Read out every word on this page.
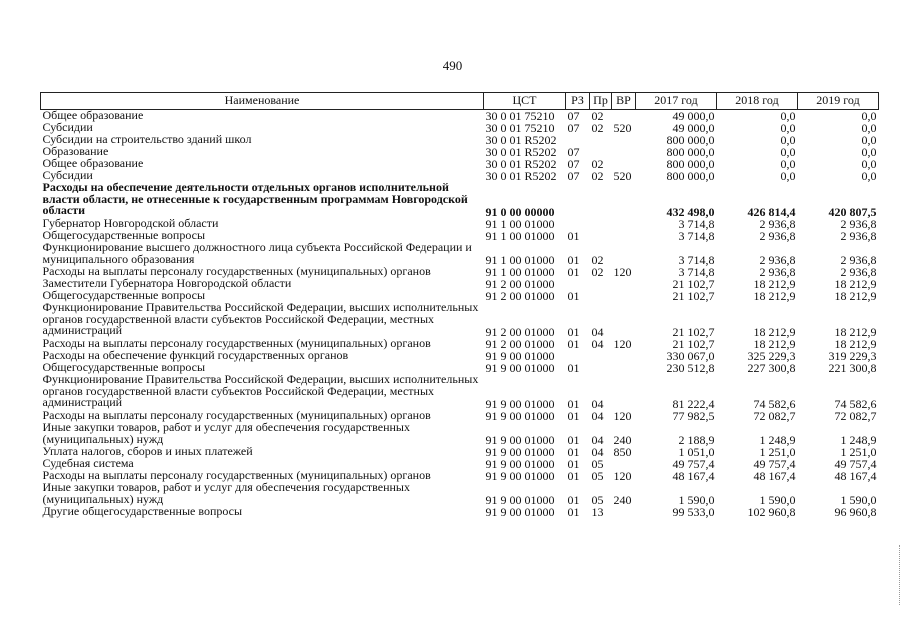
490
Наименование	ЦСТ	РЗ	Пр	ВР	2017 год	2018 год	2019 год
Общее образование	30 0 01 75210	07	02		49 000,0	0,0	0,0
Субсидии	30 0 01 75210	07	02	520	49 000,0	0,0	0,0
Субсидии на строительство зданий школ	30 0 01 R5202				800 000,0	0,0	0,0
Образование	30 0 01 R5202	07			800 000,0	0,0	0,0
Общее образование	30 0 01 R5202	07	02		800 000,0	0,0	0,0
Субсидии	30 0 01 R5202	07	02	520	800 000,0	0,0	0,0
Расходы на обеспечение деятельности отдельных органов исполнительной власти области, не отнесенные к государственным программам Новгородской области	91 0 00 00000				432 498,0	426 814,4	420 807,5
Губернатор Новгородской области	91 1 00 01000				3 714,8	2 936,8	2 936,8
Общегосударственные вопросы	91 1 00 01000	01			3 714,8	2 936,8	2 936,8
Функционирование высшего должностного лица субъекта Российской Федерации и муниципального образования	91 1 00 01000	01	02		3 714,8	2 936,8	2 936,8
Расходы на выплаты персоналу государственных (муниципальных) органов	91 1 00 01000	01	02	120	3 714,8	2 936,8	2 936,8
Заместители Губернатора Новгородской области	91 2 00 01000				21 102,7	18 212,9	18 212,9
Общегосударственные вопросы	91 2 00 01000	01			21 102,7	18 212,9	18 212,9
Функционирование Правительства Российской Федерации, высших исполнительных органов государственной власти субъектов Российской Федерации, местных администраций	91 2 00 01000	01	04		21 102,7	18 212,9	18 212,9
Расходы на выплаты персоналу государственных (муниципальных) органов	91 2 00 01000	01	04	120	21 102,7	18 212,9	18 212,9
Расходы на обеспечение функций государственных органов	91 9 00 01000				330 067,0	325 229,3	319 229,3
Общегосударственные вопросы	91 9 00 01000	01			230 512,8	227 300,8	221 300,8
Функционирование Правительства Российской Федерации, высших исполнительных органов государственной власти субъектов Российской Федерации, местных администраций	91 9 00 01000	01	04		81 222,4	74 582,6	74 582,6
Расходы на выплаты персоналу государственных (муниципальных) органов	91 9 00 01000	01	04	120	77 982,5	72 082,7	72 082,7
Иные закупки товаров, работ и услуг для обеспечения государственных (муниципальных) нужд	91 9 00 01000	01	04	240	2 188,9	1 248,9	1 248,9
Уплата налогов, сборов и иных платежей	91 9 00 01000	01	04	850	1 051,0	1 251,0	1 251,0
Судебная система	91 9 00 01000	01	05		49 757,4	49 757,4	49 757,4
Расходы на выплаты персоналу государственных (муниципальных) органов	91 9 00 01000	01	05	120	48 167,4	48 167,4	48 167,4
Иные закупки товаров, работ и услуг для обеспечения государственных (муниципальных) нужд	91 9 00 01000	01	05	240	1 590,0	1 590,0	1 590,0
Другие общегосударственные вопросы	91 9 00 01000	01	13		99 533,0	102 960,8	96 960,8
